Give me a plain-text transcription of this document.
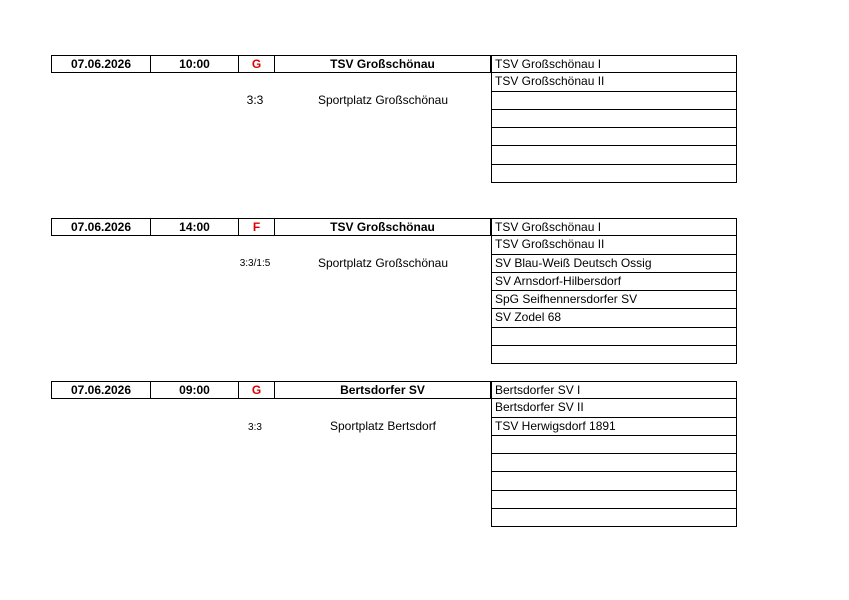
07.06.2026	10:00	G	TSV Großschönau
3:3	Sportplatz Großschönau
TSV Großschönau I
TSV Großschönau II
07.06.2026	14:00	F	TSV Großschönau
3:3/1:5	Sportplatz Großschönau
TSV Großschönau I
TSV Großschönau II
SV Blau-Weiß Deutsch Ossig
SV Arnsdorf-Hilbersdorf
SpG Seifhennersdorfer SV
SV Zodel 68
07.06.2026	09:00	G	Bertsdorfer SV
3:3	Sportplatz Bertsdorf
Bertsdorfer SV I
Bertsdorfer SV II
TSV Herwigsdorf 1891
